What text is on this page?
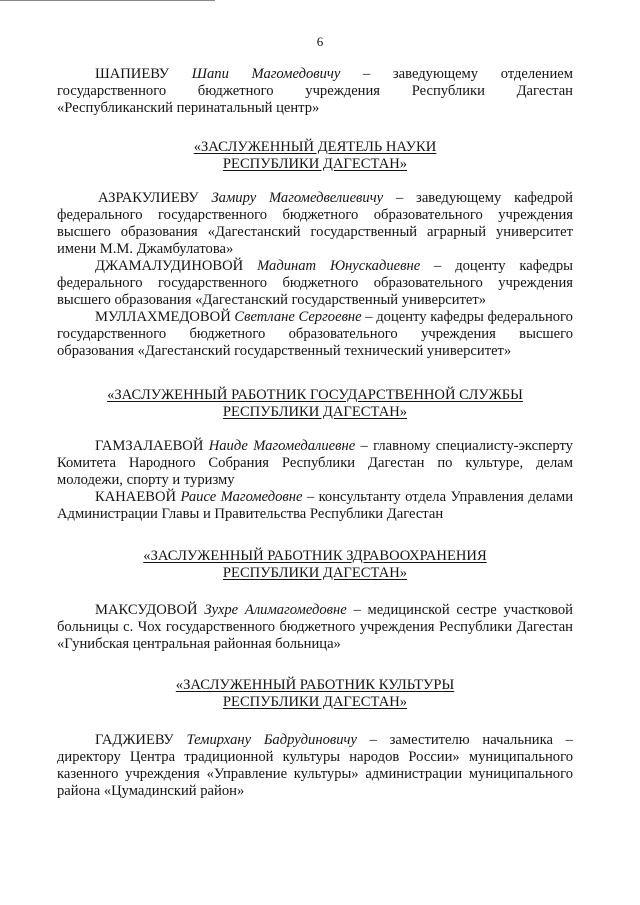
6

ШАПИЕВУ Шапи Магомедовичу – заведующему отделением государственного бюджетного учреждения Республики Дагестан «Республиканский перинатальный центр»

«ЗАСЛУЖЕННЫЙ ДЕЯТЕЛЬ НАУКИ
РЕСПУБЛИКИ ДАГЕСТАН»

АЗРАКУЛИЕВУ Замиру Магомедвелиевичу – заведующему кафедрой федерального государственного бюджетного образовательного учреждения высшего образования «Дагестанский государственный аграрный университет имени М.М. Джамбулатова»

ДЖАМАЛУДИНОВОЙ Мадинат Юнускадиевне – доценту кафедры федерального государственного бюджетного образовательного учреждения высшего образования «Дагестанский государственный университет»

МУЛЛАХМЕДОВОЙ Светлане Сергоевне – доценту кафедры федерального государственного бюджетного образовательного учреждения высшего образования «Дагестанский государственный технический университет»

«ЗАСЛУЖЕННЫЙ РАБОТНИК ГОСУДАРСТВЕННОЙ СЛУЖБЫ
РЕСПУБЛИКИ ДАГЕСТАН»

ГАМЗАЛАЕВОЙ Наиде Магомедалиевне – главному специалисту-эксперту Комитета Народного Собрания Республики Дагестан по культуре, делам молодежи, спорту и туризму

КАНАЕВОЙ Раисе Магомедовне – консультанту отдела Управления делами Администрации Главы и Правительства Республики Дагестан

«ЗАСЛУЖЕННЫЙ РАБОТНИК ЗДРАВООХРАНЕНИЯ
РЕСПУБЛИКИ ДАГЕСТАН»

МАКСУДОВОЙ Зухре Алимагомедовне – медицинской сестре участковой больницы с. Чох государственного бюджетного учреждения Республики Дагестан «Гунибская центральная районная больница»

«ЗАСЛУЖЕННЫЙ РАБОТНИК КУЛЬТУРЫ
РЕСПУБЛИКИ ДАГЕСТАН»

ГАДЖИЕВУ Темирхану Бадрудиновичу – заместителю начальника – директору Центра традиционной культуры народов России» муниципального казенного учреждения «Управление культуры» администрации муниципального района «Цумадинский район»
